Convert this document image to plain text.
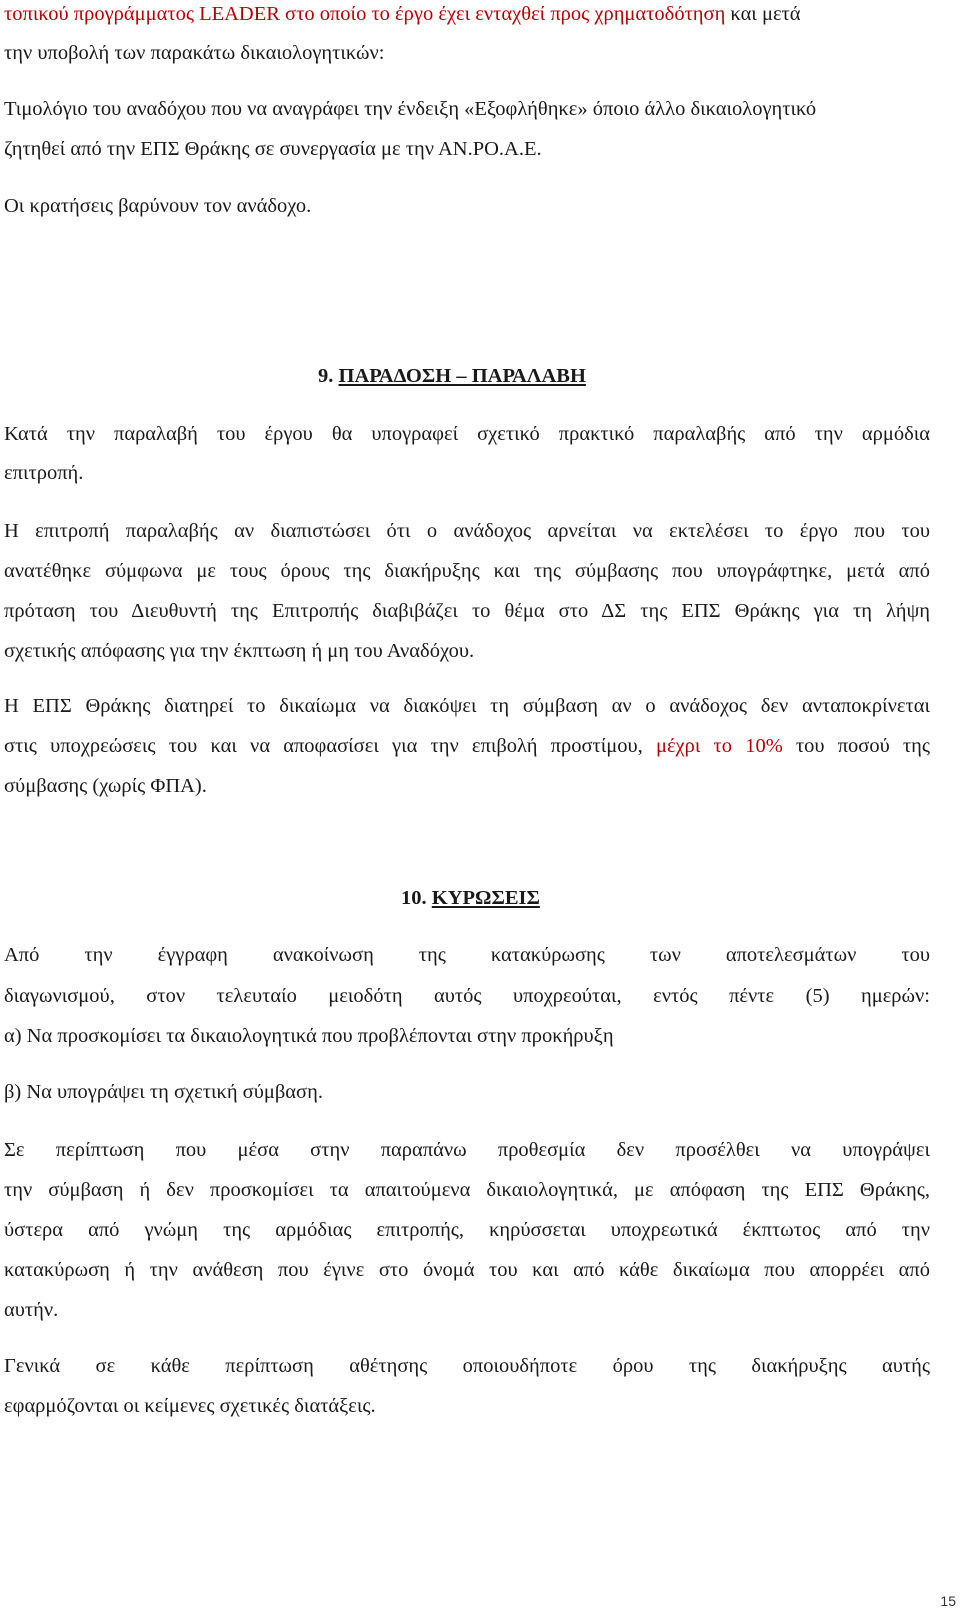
τοπικού προγράμματος LEADER στο οποίο το έργο έχει ενταχθεί προς χρηματοδότηση και μετά
την υποβολή των παρακάτω δικαιολογητικών:
Τιμολόγιο του αναδόχου που να αναγράφει την ένδειξη «Εξοφλήθηκε» όποιο άλλο δικαιολογητικό
ζητηθεί από την ΕΠΣ Θράκης σε συνεργασία με την ΑΝ.ΡΟ.Α.Ε.
Οι κρατήσεις βαρύνουν τον ανάδοχο.
9. ΠΑΡΑΔΟΣΗ – ΠΑΡΑΛΑΒΗ
Κατά την παραλαβή του έργου θα υπογραφεί σχετικό πρακτικό παραλαβής από την αρμόδια
επιτροπή.
Η επιτροπή παραλαβής αν διαπιστώσει ότι ο ανάδοχος αρνείται να εκτελέσει το έργο που του
ανατέθηκε σύμφωνα με τους όρους της διακήρυξης και της σύμβασης που υπογράφτηκε, μετά από
πρόταση του Διευθυντή της Επιτροπής διαβιβάζει το θέμα στο ΔΣ της ΕΠΣ Θράκης για τη λήψη
σχετικής απόφασης για την έκπτωση ή μη του Αναδόχου.
Η ΕΠΣ Θράκης διατηρεί το δικαίωμα να διακόψει τη σύμβαση αν ο ανάδοχος δεν ανταποκρίνεται
στις υποχρεώσεις του και να αποφασίσει για την επιβολή προστίμου, μέχρι το 10% του ποσού της
σύμβασης (χωρίς ΦΠΑ).
10. ΚΥΡΩΣΕΙΣ
Από την έγγραφη ανακοίνωση της κατακύρωσης των αποτελεσμάτων του
διαγωνισμού, στον τελευταίο μειοδότη αυτός υποχρεούται, εντός πέντε (5) ημερών:
α) Να προσκομίσει τα δικαιολογητικά που προβλέπονται στην προκήρυξη
β) Να υπογράψει τη σχετική σύμβαση.
Σε περίπτωση που μέσα στην παραπάνω προθεσμία δεν προσέλθει να υπογράψει
την σύμβαση ή δεν προσκομίσει τα απαιτούμενα δικαιολογητικά, με απόφαση της ΕΠΣ Θράκης,
ύστερα από γνώμη της αρμόδιας επιτροπής, κηρύσσεται υποχρεωτικά έκπτωτος από την
κατακύρωση ή την ανάθεση που έγινε στο όνομά του και από κάθε δικαίωμα που απορρέει από
αυτήν.
Γενικά σε κάθε περίπτωση αθέτησης οποιουδήποτε όρου της διακήρυξης αυτής
εφαρμόζονται οι κείμενες σχετικές διατάξεις.
15
